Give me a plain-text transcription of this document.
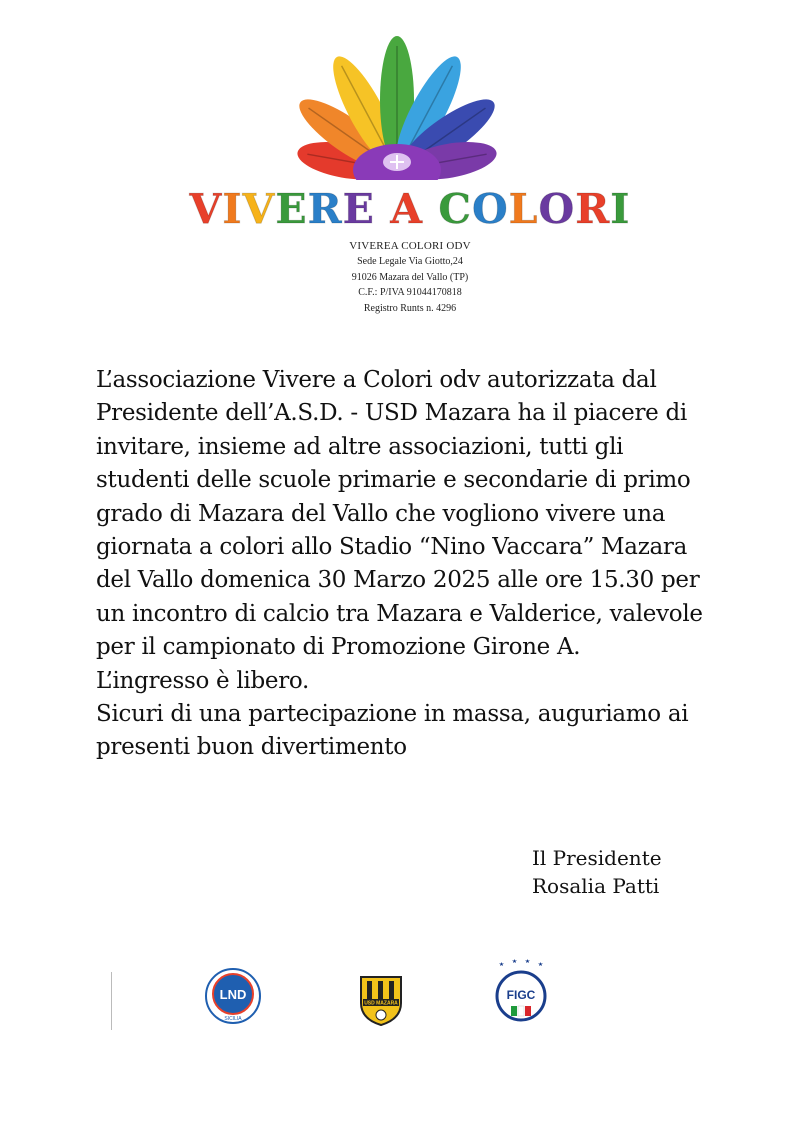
VIVERE A COLORI
VIVEREA COLORI ODV
Sede Legale Via Giotto,24
91026 Mazara del Vallo (TP)
C.F.: P/IVA 91044170818
Registro Runts n. 4296

L’associazione Vivere a Colori odv autorizzata dal Presidente dell’A.S.D. - USD Mazara ha il piacere di invitare, insieme ad altre associazioni, tutti gli studenti delle scuole primarie e secondarie di primo grado di Mazara del Vallo che vogliono vivere una giornata a colori allo Stadio “Nino Vaccara” Mazara del Vallo domenica 30 Marzo 2025 alle ore 15.30 per un incontro di calcio tra Mazara e Valderice, valevole per il campionato di Promozione Girone A.

L’ingresso è libero.

Sicuri di una partecipazione in massa, auguriamo ai presenti buon divertimento

Il Presidente
Rosalia Patti
LND
SICILIA
USD MAZARA
FIGC
